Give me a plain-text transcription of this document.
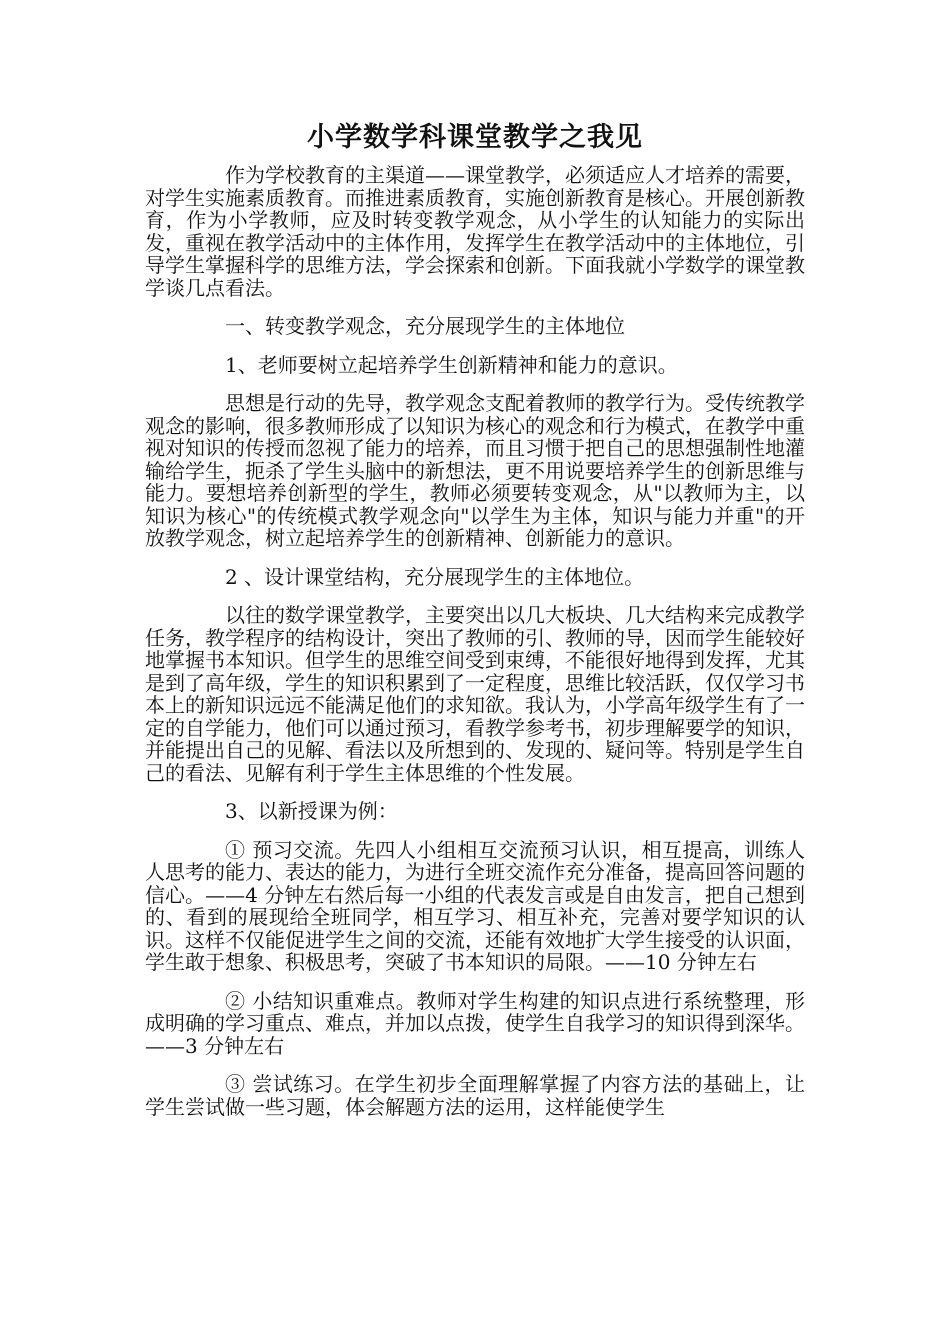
小学数学科课堂教学之我见

作为学校教育的主渠道——课堂教学，必须适应人才培养的需要，对学生实施素质教育。而推进素质教育，实施创新教育是核心。开展创新教育，作为小学教师，应及时转变教学观念，从小学生的认知能力的实际出发，重视在教学活动中的主体作用，发挥学生在教学活动中的主体地位，引导学生掌握科学的思维方法，学会探索和创新。下面我就小学数学的课堂教学谈几点看法。

一、转变教学观念，充分展现学生的主体地位

1、老师要树立起培养学生创新精神和能力的意识。

思想是行动的先导，教学观念支配着教师的教学行为。受传统教学观念的影响，很多教师形成了以知识为核心的观念和行为模式，在教学中重视对知识的传授而忽视了能力的培养，而且习惯于把自己的思想强制性地灌输给学生，扼杀了学生头脑中的新想法，更不用说要培养学生的创新思维与能力。要想培养创新型的学生，教师必须要转变观念，从"以教师为主，以知识为核心"的传统模式教学观念向"以学生为主体，知识与能力并重"的开放教学观念，树立起培养学生的创新精神、创新能力的意识。

2 、设计课堂结构，充分展现学生的主体地位。

以往的数学课堂教学，主要突出以几大板块、几大结构来完成教学任务，教学程序的结构设计，突出了教师的引、教师的导，因而学生能较好地掌握书本知识。但学生的思维空间受到束缚，不能很好地得到发挥，尤其是到了高年级，学生的知识积累到了一定程度，思维比较活跃，仅仅学习书本上的新知识远远不能满足他们的求知欲。我认为，小学高年级学生有了一定的自学能力，他们可以通过预习，看教学参考书，初步理解要学的知识，并能提出自己的见解、看法以及所想到的、发现的、疑问等。特别是学生自己的看法、见解有利于学生主体思维的个性发展。

3、以新授课为例：

① 预习交流。先四人小组相互交流预习认识，相互提高，训练人人思考的能力、表达的能力，为进行全班交流作充分准备，提高回答问题的信心。——4 分钟左右然后每一小组的代表发言或是自由发言，把自己想到的、看到的展现给全班同学，相互学习、相互补充，完善对要学知识的认识。这样不仅能促进学生之间的交流，还能有效地扩大学生接受的认识面，学生敢于想象、积极思考，突破了书本知识的局限。——10 分钟左右

② 小结知识重难点。教师对学生构建的知识点进行系统整理，形成明确的学习重点、难点，并加以点拨，使学生自我学习的知识得到深华。——3 分钟左右

③ 尝试练习。在学生初步全面理解掌握了内容方法的基础上，让学生尝试做一些习题，体会解题方法的运用，这样能使学生
